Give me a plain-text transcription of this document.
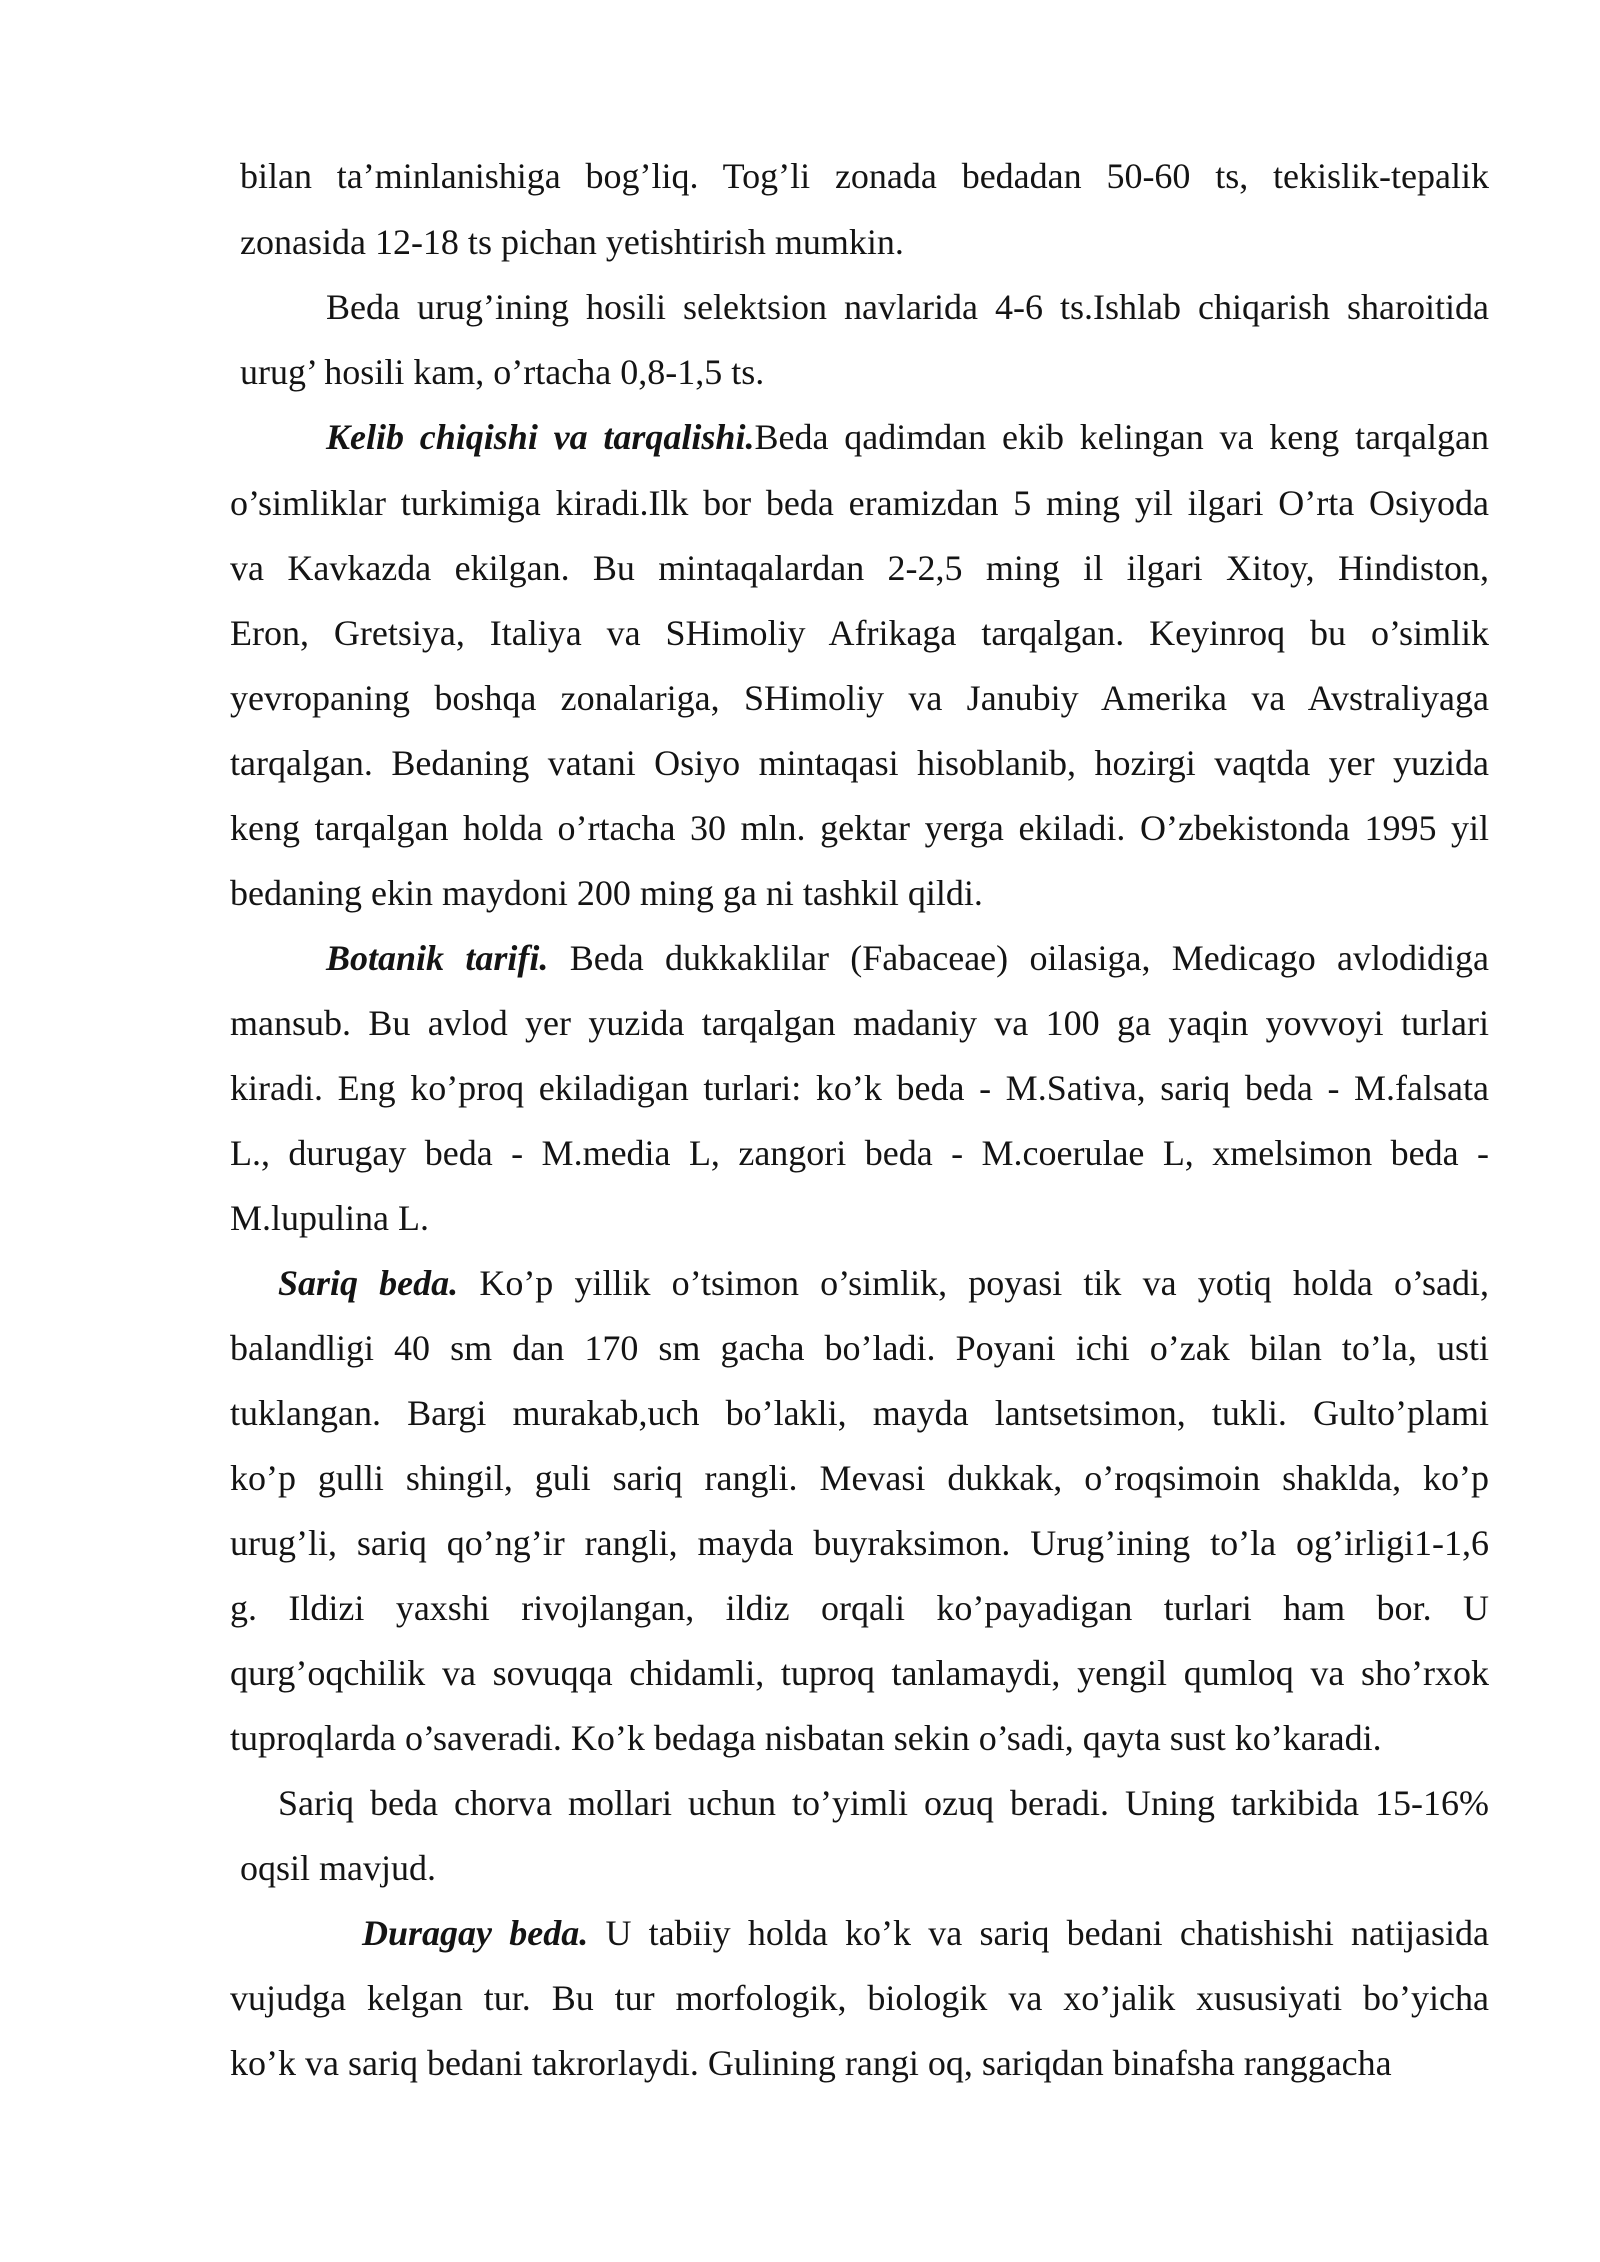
bilan ta’minlanishiga bog’liq. Tog’li zonada bedadan 50-60 ts, tekislik-tepalik
zonasida 12-18 ts pichan yetishtirish mumkin.
Beda urug’ining hosili selektsion navlarida 4-6 ts.Ishlab chiqarish sharoitida
urug’ hosili kam, o’rtacha 0,8-1,5 ts.
Kelib chiqishi va tarqalishi.Beda qadimdan ekib kelingan va keng tarqalgan
o’simliklar turkimiga kiradi.Ilk bor beda eramizdan 5 ming yil ilgari O’rta Osiyoda
va Kavkazda ekilgan. Bu mintaqalardan 2-2,5 ming il ilgari Xitoy, Hindiston,
Eron, Gretsiya, Italiya va SHimoliy Afrikaga tarqalgan. Keyinroq bu o’simlik
yevropaning boshqa zonalariga, SHimoliy va Janubiy Amerika va Avstraliyaga
tarqalgan. Bedaning vatani Osiyo mintaqasi hisoblanib, hozirgi vaqtda yer yuzida
keng tarqalgan holda o’rtacha 30 mln. gektar yerga ekiladi. O’zbekistonda 1995 yil
bedaning ekin maydoni 200 ming ga ni tashkil qildi.
Botanik tarifi. Beda dukkaklilar (Fabaceae) oilasiga, Medicago avlodidiga
mansub. Bu avlod yer yuzida tarqalgan madaniy va 100 ga yaqin yovvoyi turlari
kiradi. Eng ko’proq ekiladigan turlari: ko’k beda - M.Sativa, sariq beda - M.falsata
L., durugay beda - M.media L, zangori beda - M.coerulae L, xmelsimon beda -
M.lupulina L.
Sariq beda. Ko’p yillik o’tsimon o’simlik, poyasi tik va yotiq holda o’sadi,
balandligi 40 sm dan 170 sm gacha bo’ladi. Poyani ichi o’zak bilan to’la, usti
tuklangan. Bargi murakab,uch bo’lakli, mayda lantsetsimon, tukli. Gulto’plami
ko’p gulli shingil, guli sariq rangli. Mevasi dukkak, o’roqsimoin shaklda, ko’p
urug’li, sariq qo’ng’ir rangli, mayda buyraksimon. Urug’ining to’la og’irligi1-1,6
g. Ildizi yaxshi rivojlangan, ildiz orqali ko’payadigan turlari ham bor. U
qurg’oqchilik va sovuqqa chidamli, tuproq tanlamaydi, yengil qumloq va sho’rxok
tuproqlarda o’saveradi. Ko’k bedaga nisbatan sekin o’sadi, qayta sust ko’karadi.
Sariq beda chorva mollari uchun to’yimli ozuq beradi. Uning tarkibida 15-16%
oqsil mavjud.
Duragay beda. U tabiiy holda ko’k va sariq bedani chatishishi natijasida
vujudga kelgan tur. Bu tur morfologik, biologik va xo’jalik xususiyati bo’yicha
ko’k va sariq bedani takrorlaydi. Gulining rangi oq, sariqdan binafsha ranggacha
